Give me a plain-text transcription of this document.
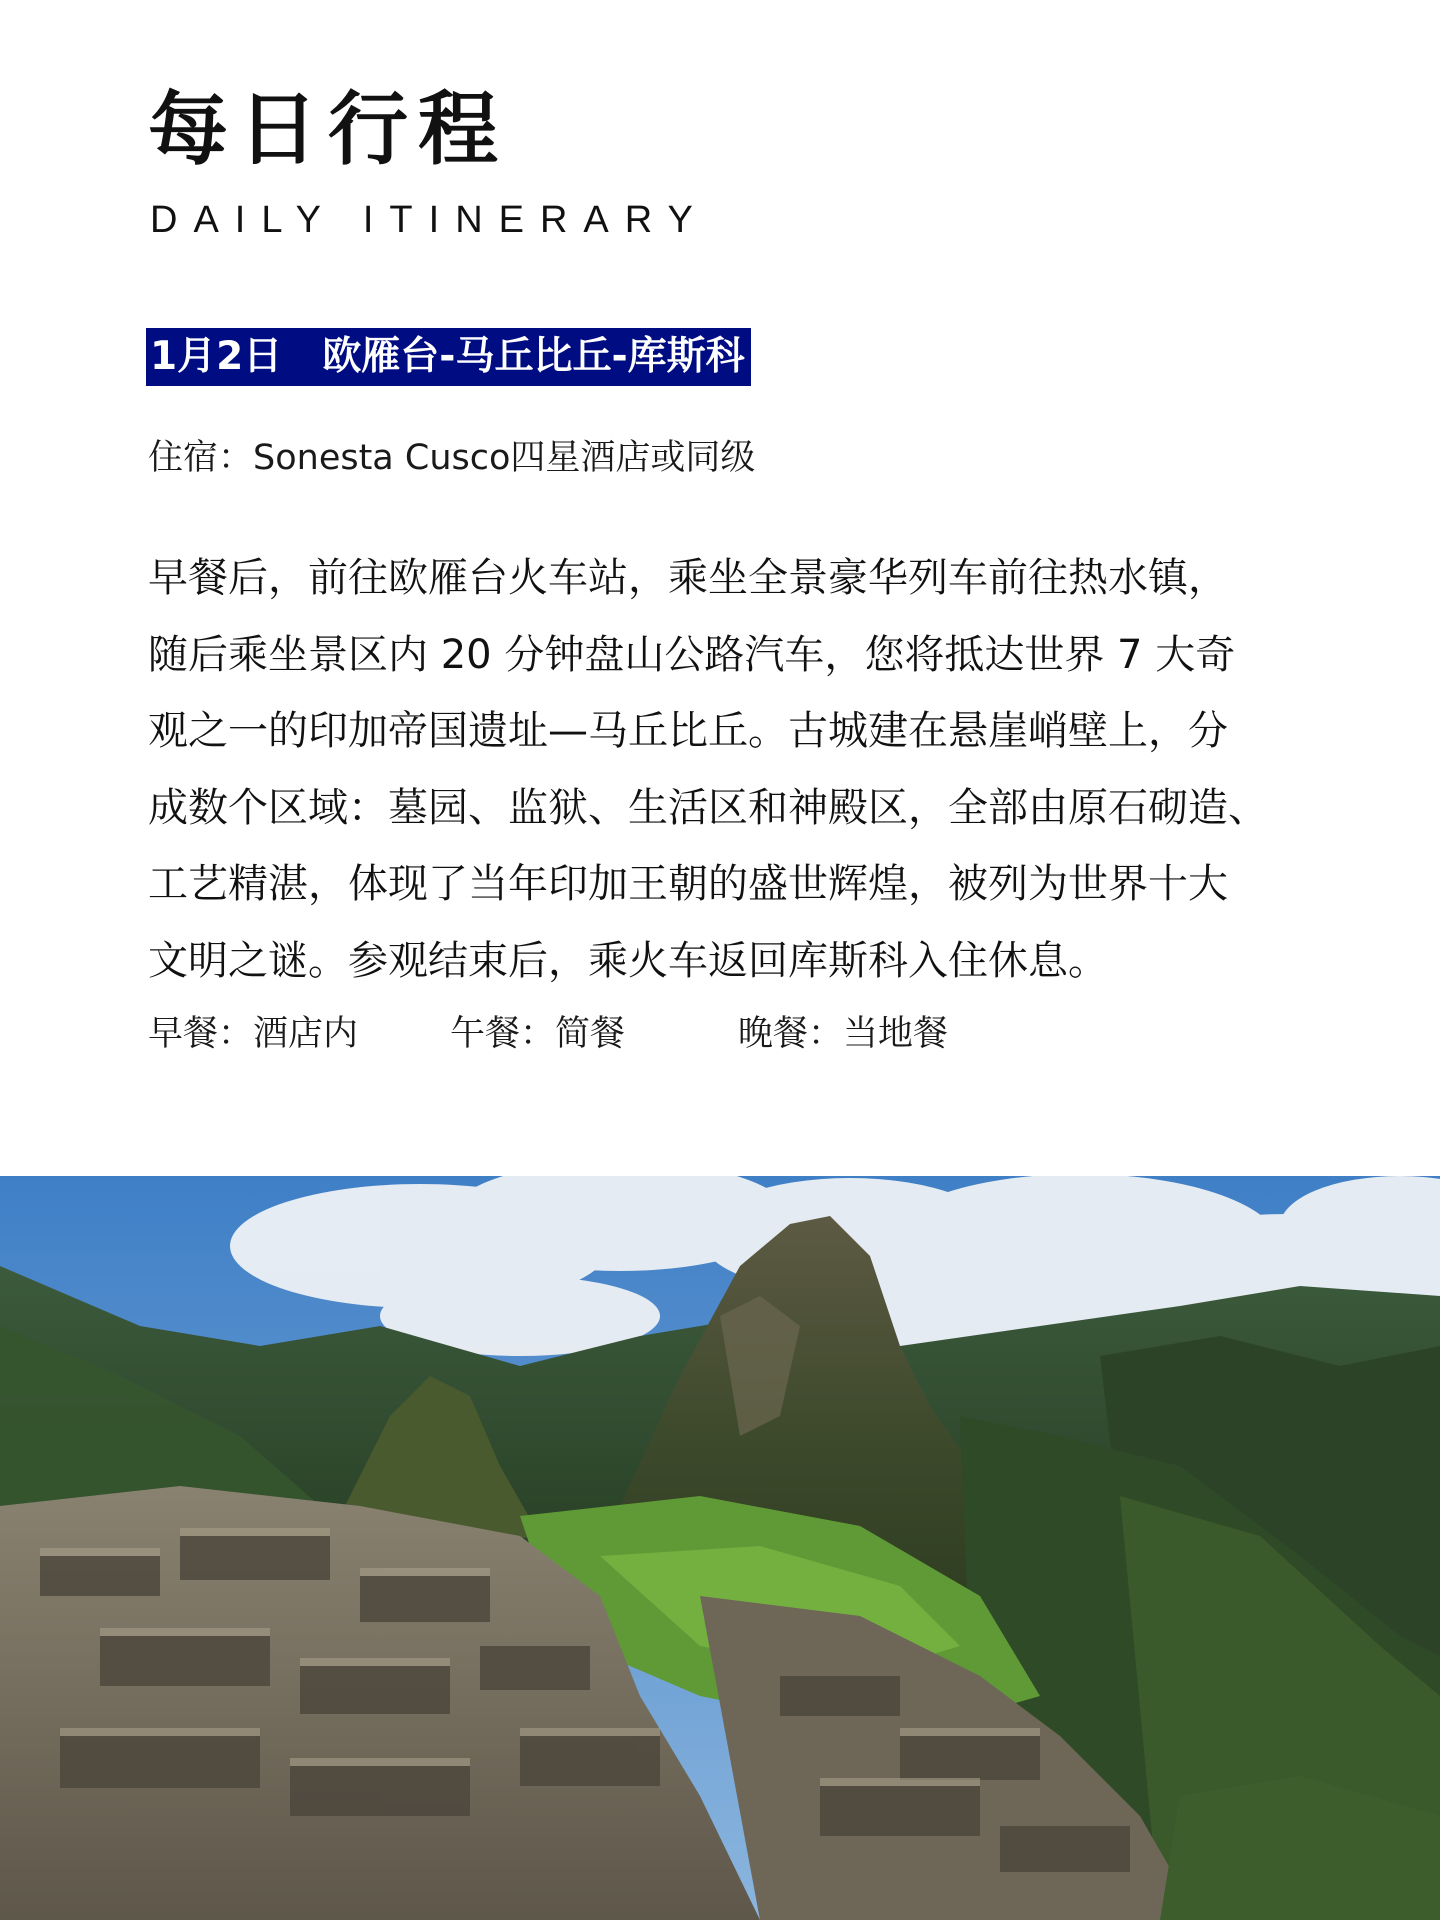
每日行程
DAILY ITINERARY
1月2日 欧雁台-马丘比丘-库斯科
住宿：Sonesta Cusco四星酒店或同级
早餐后，前往欧雁台火车站，乘坐全景豪华列车前往热水镇，
随后乘坐景区内 20 分钟盘山公路汽车，您将抵达世界 7 大奇
观之一的印加帝国遗址—马丘比丘。古城建在悬崖峭壁上，分
成数个区域：墓园、监狱、生活区和神殿区，全部由原石砌造、
工艺精湛，体现了当年印加王朝的盛世辉煌，被列为世界十大
文明之谜。参观结束后，乘火车返回库斯科入住休息。
早餐：酒店内	午餐：简餐	晚餐：当地餐
